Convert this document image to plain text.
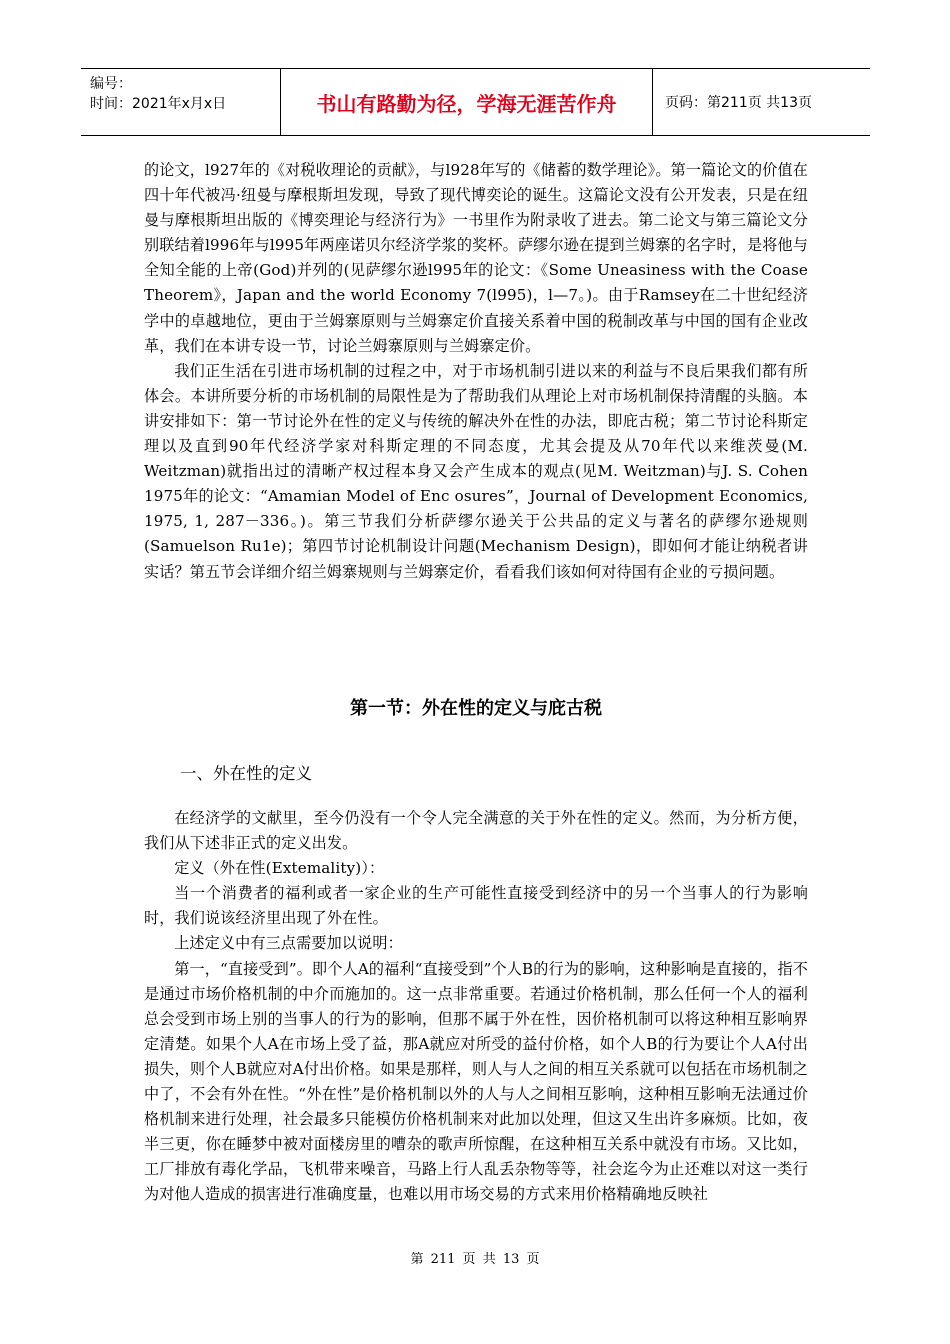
编号：
时间：2021年x月x日	书山有路勤为径，学海无涯苦作舟	页码：第211页 共13页

的论文，l927年的《对税收理论的贡献》，与l928年写的《储蓄的数学理论》。第一篇论文的价值在四十年代被冯·纽曼与摩根斯坦发现，导致了现代博奕论的诞生。这篇论文没有公开发表，只是在纽曼与摩根斯坦出版的《博奕理论与经济行为》一书里作为附录收了进去。第二论文与第三篇论文分别联结着l996年与l995年两座诺贝尔经济学浆的奖杯。萨缪尔逊在提到兰姆寨的名字时，是将他与全知全能的上帝(God)并列的(见萨缪尔逊l995年的论文：《Some Uneasiness with the Coase Theorem》，Japan and the world Economy 7(l995)，l—7。)。由于Ramsey在二十世纪经济学中的卓越地位，更由于兰姆寨原则与兰姆寨定价直接关系着中国的税制改革与中国的国有企业改革，我们在本讲专设一节，讨论兰姆寨原则与兰姆寨定价。

我们正生活在引进市场机制的过程之中，对于市场机制引进以来的利益与不良后果我们都有所体会。本讲所要分析的市场机制的局限性是为了帮助我们从理论上对市场机制保持清醒的头脑。本讲安排如下：第一节讨论外在性的定义与传统的解决外在性的办法，即庇古税；第二节讨论科斯定理以及直到90年代经济学家对科斯定理的不同态度，尤其会提及从70年代以来维茨曼(M. Weitzman)就指出过的清晰产权过程本身又会产生成本的观点(见M. Weitzman)与J. S. Cohen 1975年的论文：“Amamian Model of Enc osures”，Journal of Development Economics, 1975, 1, 287－336。)。第三节我们分析萨缪尔逊关于公共品的定义与著名的萨缪尔逊规则(Samuelson Ru1e)；第四节讨论机制设计问题(Mechanism Design)，即如何才能让纳税者讲实话？第五节会详细介绍兰姆寨规则与兰姆寨定价，看看我们该如何对待国有企业的亏损问题。

第一节：外在性的定义与庇古税
一、外在性的定义

在经济学的文献里，至今仍没有一个令人完全满意的关于外在性的定义。然而，为分析方便，我们从下述非正式的定义出发。

定义（外在性(Extemality)）：

当一个消费者的福利或者一家企业的生产可能性直接受到经济中的另一个当事人的行为影响时，我们说该经济里出现了外在性。

上述定义中有三点需要加以说明：

第一，“直接受到”。即个人A的福利“直接受到”个人B的行为的影响，这种影响是直接的，指不是通过市场价格机制的中介而施加的。这一点非常重要。若通过价格机制，那么任何一个人的福利总会受到市场上别的当事人的行为的影响，但那不属于外在性，因价格机制可以将这种相互影响界定清楚。如果个人A在市场上受了益，那A就应对所受的益付价格，如个人B的行为要让个人A付出损失，则个人B就应对A付出价格。如果是那样，则人与人之间的相互关系就可以包括在市场机制之中了，不会有外在性。“外在性”是价格机制以外的人与人之间相互影响，这种相互影响无法通过价格机制来进行处理，社会最多只能模仿价格机制来对此加以处理，但这又生出许多麻烦。比如，夜半三更，你在睡梦中被对面楼房里的嘈杂的歌声所惊醒，在这种相互关系中就没有市场。又比如，工厂排放有毒化学品，飞机带来噪音，马路上行人乱丢杂物等等，社会迄今为止还难以对这一类行为对他人造成的损害进行准确度量，也难以用市场交易的方式来用价格精确地反映社

第 211 页 共 13 页
